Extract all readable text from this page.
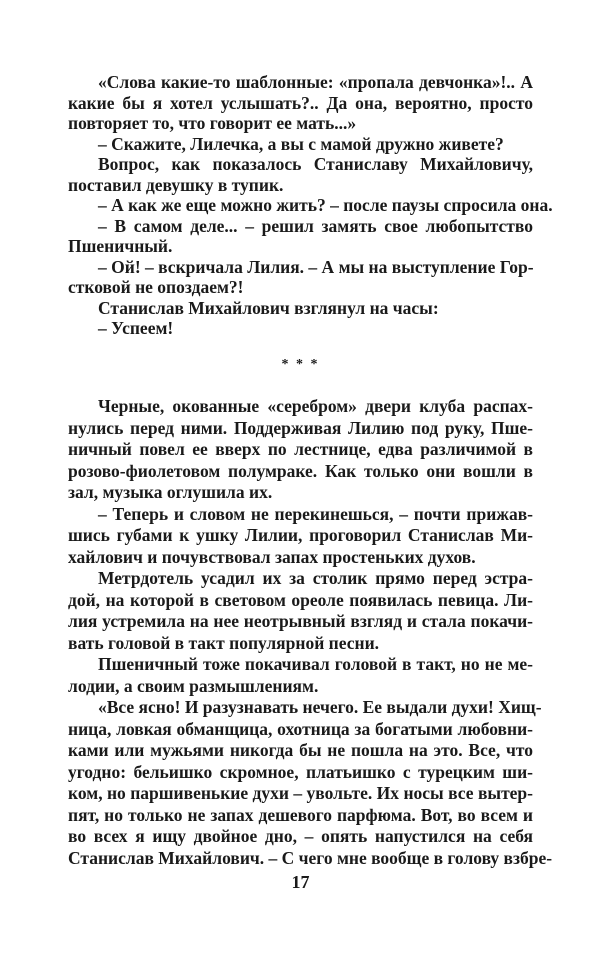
«Слова какие-то шаблонные: «пропала девчонка»!.. А
какие бы я хотел услышать?.. Да она, вероятно, просто
повторяет то, что говорит ее мать...»
– Скажите, Лилечка, а вы с мамой дружно живете?
Вопрос, как показалось Станиславу Михайловичу,
поставил девушку в тупик.
– А как же еще можно жить? – после паузы спросила она.
– В самом деле... – решил замять свое любопытство
Пшеничный.
– Ой! – вскричала Лилия. – А мы на выступление Гор-
стковой не опоздаем?!
Станислав Михайлович взглянул на часы:
– Успеем!
* * *
Черные, окованные «серебром» двери клуба распах-
нулись перед ними. Поддерживая Лилию под руку, Пше-
ничный повел ее вверх по лестнице, едва различимой в
розово-фиолетовом полумраке. Как только они вошли в
зал, музыка оглушила их.
– Теперь и словом не перекинешься, – почти прижав-
шись губами к ушку Лилии, проговорил Станислав Ми-
хайлович и почувствовал запах простеньких духов.
Метрдотель усадил их за столик прямо перед эстра-
дой, на которой в световом ореоле появилась певица. Ли-
лия устремила на нее неотрывный взгляд и стала покачи-
вать головой в такт популярной песни.
Пшеничный тоже покачивал головой в такт, но не ме-
лодии, а своим размышлениям.
«Все ясно! И разузнавать нечего. Ее выдали духи! Хищ-
ница, ловкая обманщица, охотница за богатыми любовни-
ками или мужьями никогда бы не пошла на это. Все, что
угодно: бельишко скромное, платьишко с турецким ши-
ком, но паршивенькие духи – увольте. Их носы все вытер-
пят, но только не запах дешевого парфюма. Вот, во всем и
во всех я ищу двойное дно, – опять напустился на себя
Станислав Михайлович. – С чего мне вообще в голову взбре-
17
